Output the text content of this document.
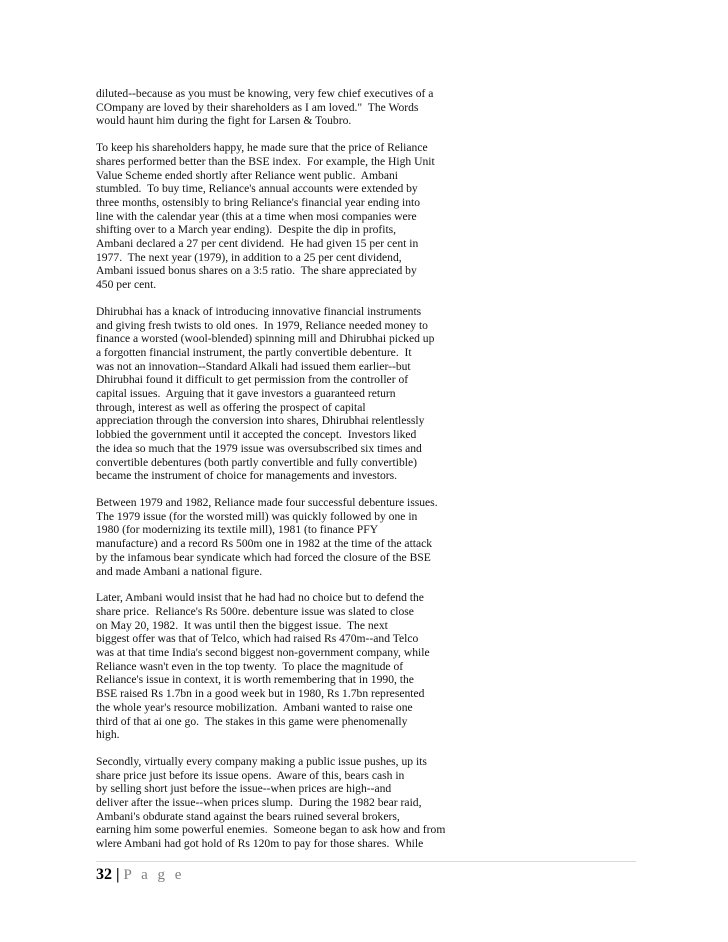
diluted--because as you must be knowing, very few chief executives of a
COmpany are loved by their shareholders as I am loved."  The Words
would haunt him during the fight for Larsen & Toubro.
To keep his shareholders happy, he made sure that the price of Reliance
shares performed better than the BSE index.  For example, the High Unit
Value Scheme ended shortly after Reliance went public.  Ambani
stumbled.  To buy time, Reliance's annual accounts were extended by
three months, ostensibly to bring Reliance's financial year ending into
line with the calendar year (this at a time when mosi companies were
shifting over to a March year ending).  Despite the dip in profits,
Ambani declared a 27 per cent dividend.  He had given 15 per cent in
1977.  The next year (1979), in addition to a 25 per cent dividend,
Ambani issued bonus shares on a 3:5 ratio.  The share appreciated by
450 per cent.
Dhirubhai has a knack of introducing innovative financial instruments
and giving fresh twists to old ones.  In 1979, Reliance needed money to
finance a worsted (wool-blended) spinning mill and Dhirubhai picked up
a forgotten financial instrument, the partly convertible debenture.  It
was not an innovation--Standard Alkali had issued them earlier--but
Dhirubhai found it difficult to get permission from the controller of
capital issues.  Arguing that it gave investors a guaranteed return
through, interest as well as offering the prospect of capital
appreciation through the conversion into shares, Dhirubhai relentlessly
lobbied the government until it accepted the concept.  Investors liked
the idea so much that the 1979 issue was oversubscribed six times and
convertible debentures (both partly convertible and fully convertible)
became the instrument of choice for managements and investors.
Between 1979 and 1982, Reliance made four successful debenture issues.
The 1979 issue (for the worsted mill) was quickly followed by one in
1980 (for modernizing its textile mill), 1981 (to finance PFY
manufacture) and a record Rs 500m one in 1982 at the time of the attack
by the infamous bear syndicate which had forced the closure of the BSE
and made Ambani a national figure.
Later, Ambani would insist that he had had no choice but to defend the
share price.  Reliance's Rs 500re. debenture issue was slated to close
on May 20, 1982.  It was until then the biggest issue.  The next
biggest offer was that of Telco, which had raised Rs 470m--and Telco
was at that time India's second biggest non-government company, while
Reliance wasn't even in the top twenty.  To place the magnitude of
Reliance's issue in context, it is worth remembering that in 1990, the
BSE raised Rs 1.7bn in a good week but in 1980, Rs 1.7bn represented
the whole year's resource mobilization.  Ambani wanted to raise one
third of that ai one go.  The stakes in this game were phenomenally
high.
Secondly, virtually every company making a public issue pushes, up its
share price just before its issue opens.  Aware of this, bears cash in
by selling short just before the issue--when prices are high--and
deliver after the issue--when prices slump.  During the 1982 bear raid,
Ambani's obdurate stand against the bears ruined several brokers,
earning him some powerful enemies.  Someone began to ask how and from
wlere Ambani had got hold of Rs 120m to pay for those shares.  While
32 | P a g e
